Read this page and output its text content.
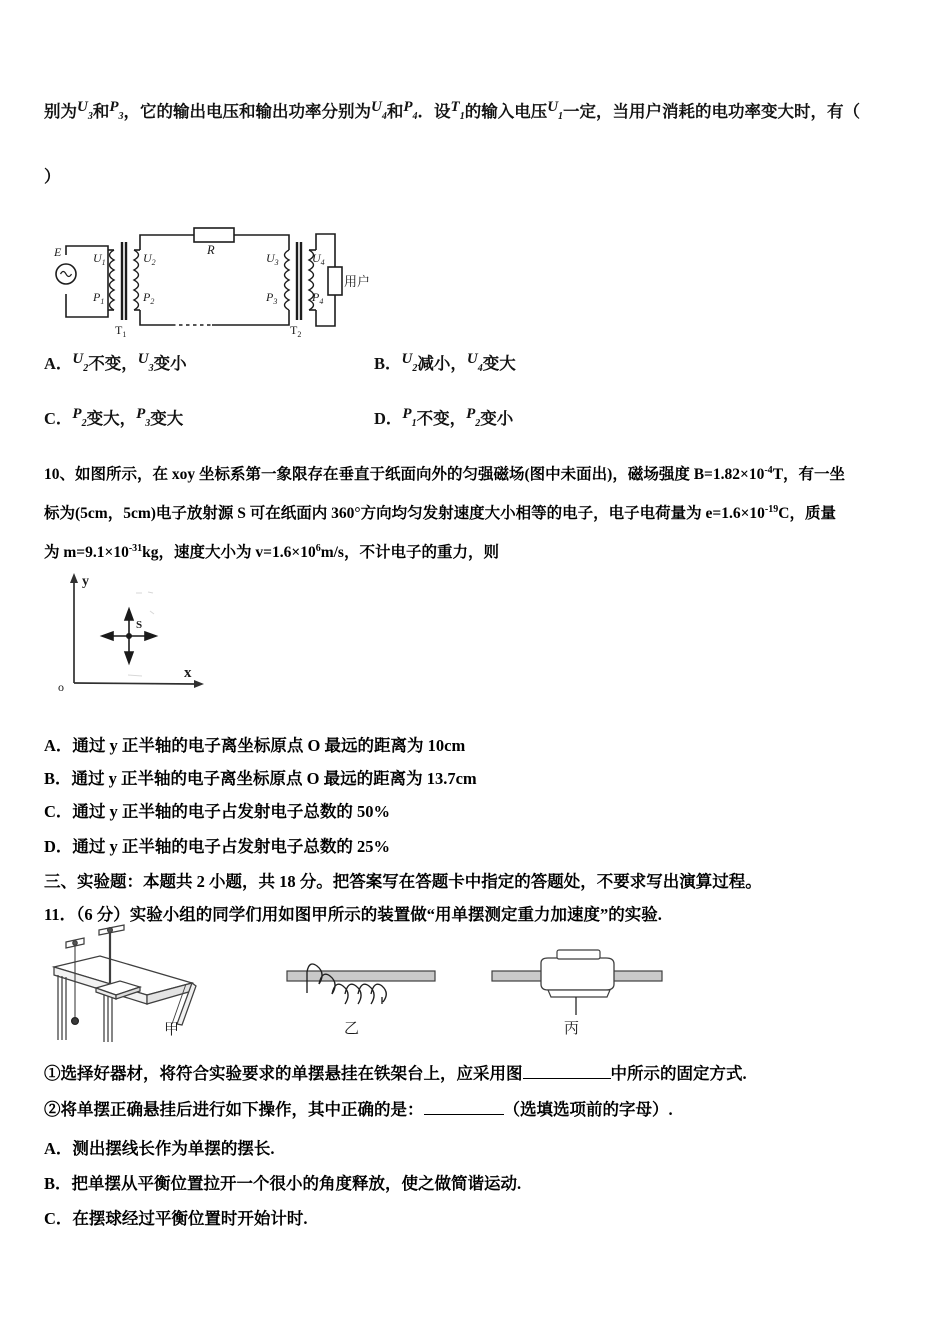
别为$U_3$和$P_3$，它的输出电压和输出功率分别为$U_4$和$P_4$．设$T_1$的输入电压$U_1$一定，当用户消耗的电功率变大时，有（
）
E	R
$U_1$
$P_1$
$U_2$
$P_2$
$U_3$
$P_3$
$U_4$
$P_4$
$T_1$	$T_2$
用户
A．$U_2$不变，$U_3$变小	B．$U_2$减小，$U_4$变大
C．$P_2$变大，$P_3$变大	D．$P_1$不变，$P_2$变小
10、如图所示，在 xoy 坐标系第一象限存在垂直于纸面向外的匀强磁场(图中未面出)，磁场强度 $B=1.82\times 10^{-4}T$，有一坐
标为(5cm，5cm)电子放射源 S 可在纸面内 360°方向均匀发射速度大小相等的电子，电子电荷量为 $e=1.6\times 10^{-19}C$，质量
为 $m=9.1\times 10^{-31}kg$，速度大小为 $v=1.6\times 10^6m/s$，不计电子的重力，则
y
x
o
S
A．通过 y 正半轴的电子离坐标原点 O 最远的距离为 10cm
B．通过 y 正半轴的电子离坐标原点 O 最远的距离为 13.7cm
C．通过 y 正半轴的电子占发射电子总数的 50%
D．通过 y 正半轴的电子占发射电子总数的 25%
三、实验题：本题共 2 小题，共 18 分。把答案写在答题卡中指定的答题处，不要求写出演算过程。
11．（6 分）实验小组的同学们用如图甲所示的装置做“用单摆测定重力加速度”的实验.
甲	乙	丙
①选择好器材，将符合实验要求的单摆悬挂在铁架台上，应采用图	中所示的固定方式.
②将单摆正确悬挂后进行如下操作，其中正确的是：	（选填选项前的字母）.
A．测出摆线长作为单摆的摆长.
B．把单摆从平衡位置拉开一个很小的角度释放，使之做简谐运动.
C．在摆球经过平衡位置时开始计时.
